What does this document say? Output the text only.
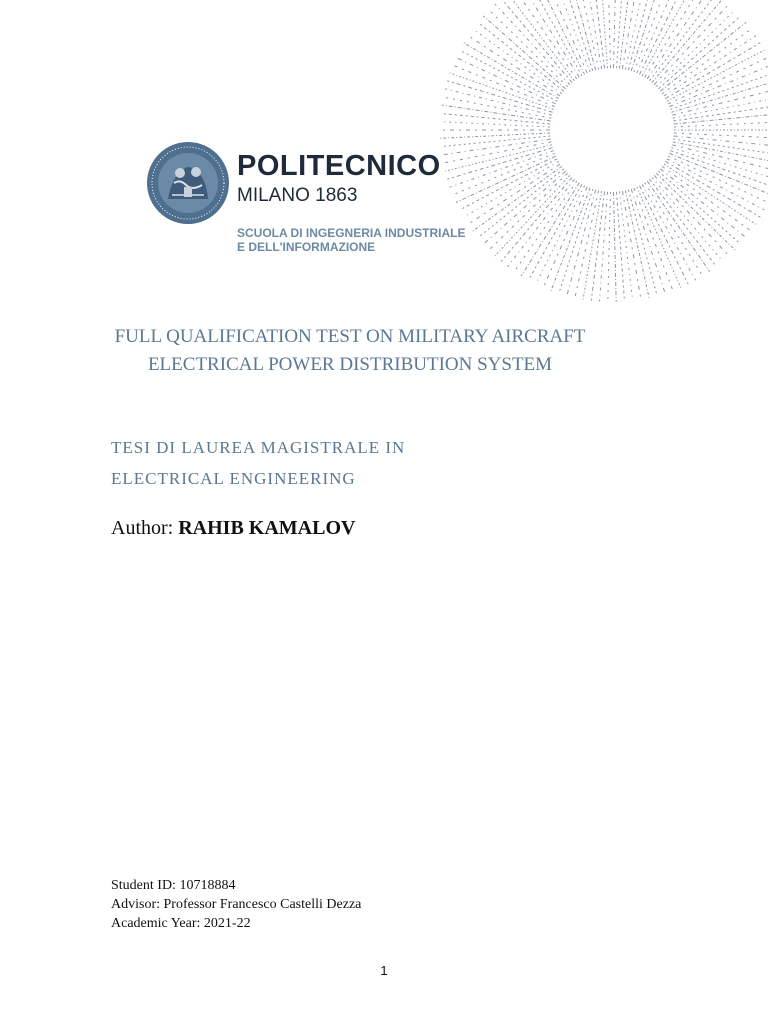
POLITECNICO
MILANO 1863
SCUOLA DI INGEGNERIA INDUSTRIALE
E DELL'INFORMAZIONE
FULL QUALIFICATION TEST ON MILITARY AIRCRAFT
ELECTRICAL POWER DISTRIBUTION SYSTEM
TESI DI LAUREA MAGISTRALE IN
ELECTRICAL ENGINEERING
Author: RAHIB KAMALOV
Student ID: 10718884
Advisor: Professor Francesco Castelli Dezza
Academic Year: 2021-22
1
